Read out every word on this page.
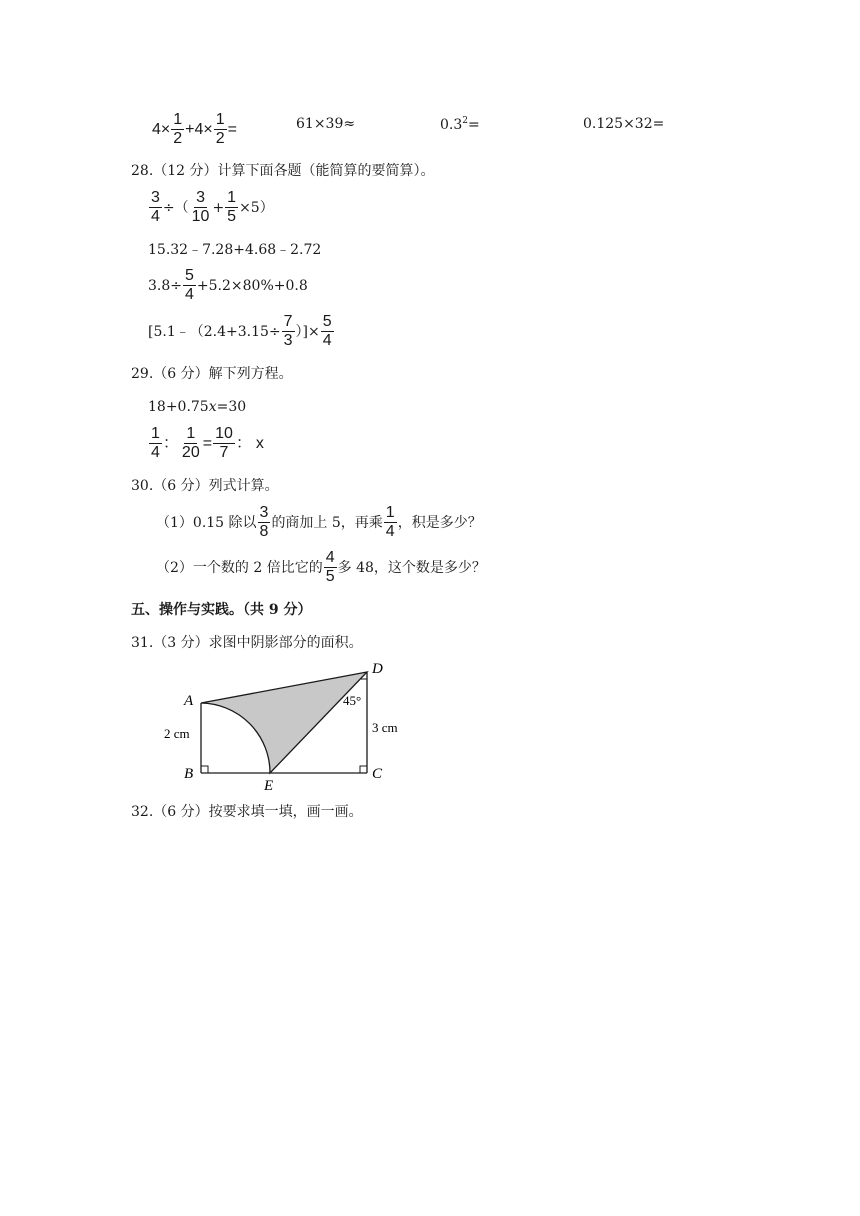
$4 \times \frac{1}{2} +4 \times \frac{1}{2}$ =	61×39≈	$0.3^2=$	0.125×32=
28.（12 分）计算下面各题（能简算的要简算）。
$\frac{3}{4}$ ÷ （ $\frac{3}{10} + \frac{1}{5} \times 5$）
15.32﹣7.28+4.68﹣2.72
$3.8\div \frac{5}{4} +5.2\times 80\%+0.8$
[5.1﹣（2.4+3.15÷ $\frac{7}{3}$ ）]× $\frac{5}{4}$
29.（6 分）解下列方程。
18+0.75x=30
$\frac{1}{4}$ ： $\frac{1}{20} = \frac{10}{7}$ ： x
30.（6 分）列式计算。
（1）0.15 除以 $\frac{3}{8}$ 的商加上 5，再乘 $\frac{1}{4}$ ，积是多少？
（2）一个数的 2 倍比它的 $\frac{4}{5}$ 多 48，这个数是多少？
五、操作与实践。（共 9 分）
31.（3 分）求图中阴影部分的面积。
A
B	C
D
E
2 cm	3 cm
45°
32.（6 分）按要求填一填，画一画。
